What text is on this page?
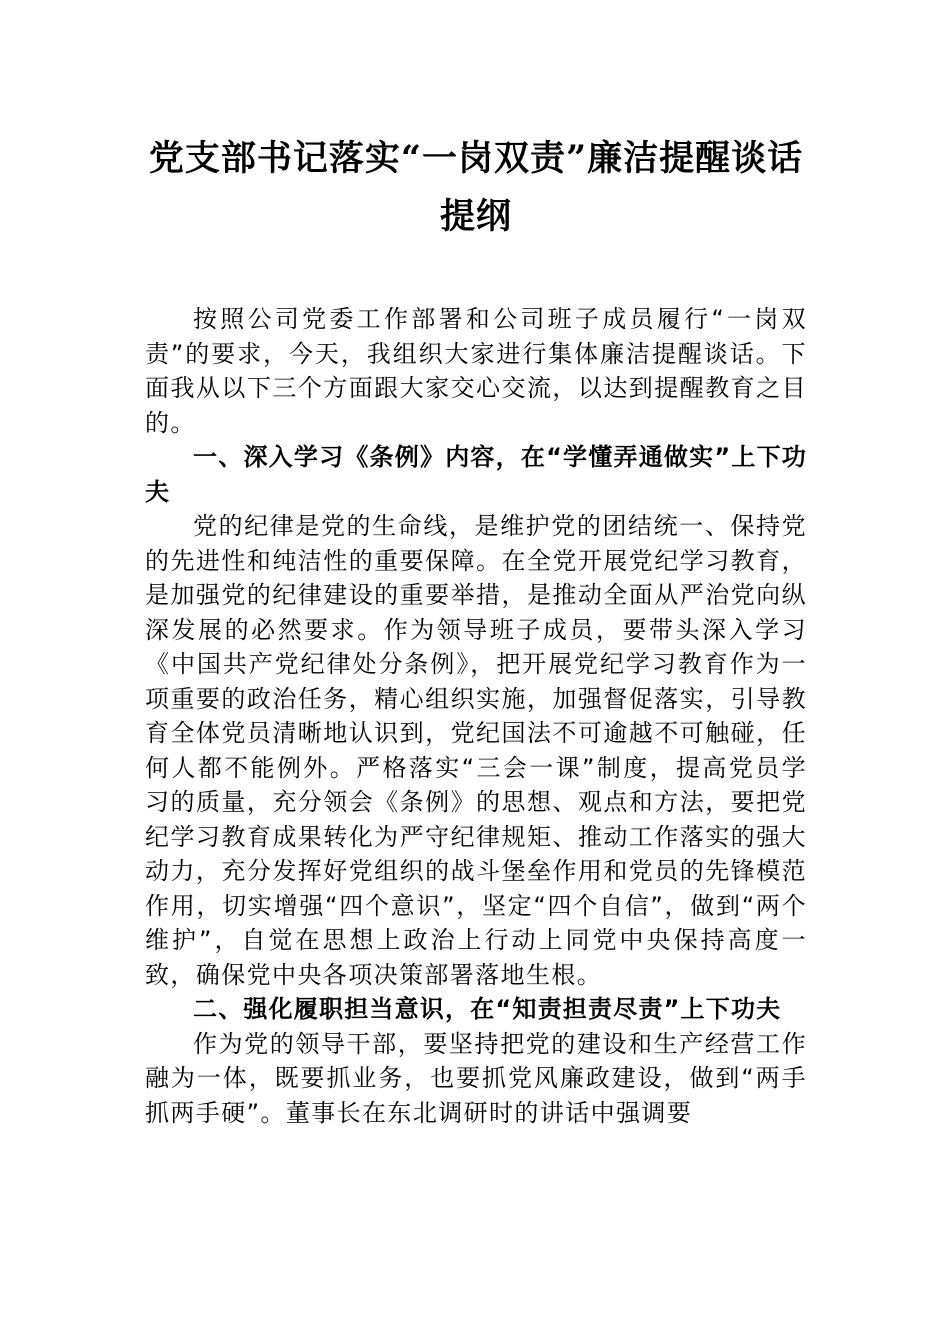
党支部书记落实“一岗双责”廉洁提醒谈话提纲

按照公司党委工作部署和公司班子成员履行“一岗双责”的要求，今天，我组织大家进行集体廉洁提醒谈话。下面我从以下三个方面跟大家交心交流，以达到提醒教育之目的。

一、深入学习《条例》内容，在“学懂弄通做实”上下功夫

党的纪律是党的生命线，是维护党的团结统一、保持党的先进性和纯洁性的重要保障。在全党开展党纪学习教育，是加强党的纪律建设的重要举措，是推动全面从严治党向纵深发展的必然要求。作为领导班子成员，要带头深入学习《中国共产党纪律处分条例》，把开展党纪学习教育作为一项重要的政治任务，精心组织实施，加强督促落实，引导教育全体党员清晰地认识到，党纪国法不可逾越不可触碰，任何人都不能例外。严格落实“三会一课”制度，提高党员学习的质量，充分领会《条例》的思想、观点和方法，要把党纪学习教育成果转化为严守纪律规矩、推动工作落实的强大动力，充分发挥好党组织的战斗堡垒作用和党员的先锋模范作用，切实增强“四个意识”，坚定“四个自信”，做到“两个维护”，自觉在思想上政治上行动上同党中央保持高度一致，确保党中央各项决策部署落地生根。

二、强化履职担当意识，在“知责担责尽责”上下功夫

作为党的领导干部，要坚持把党的建设和生产经营工作融为一体，既要抓业务，也要抓党风廉政建设，做到“两手抓两手硬”。董事长在东北调研时的讲话中强调要
